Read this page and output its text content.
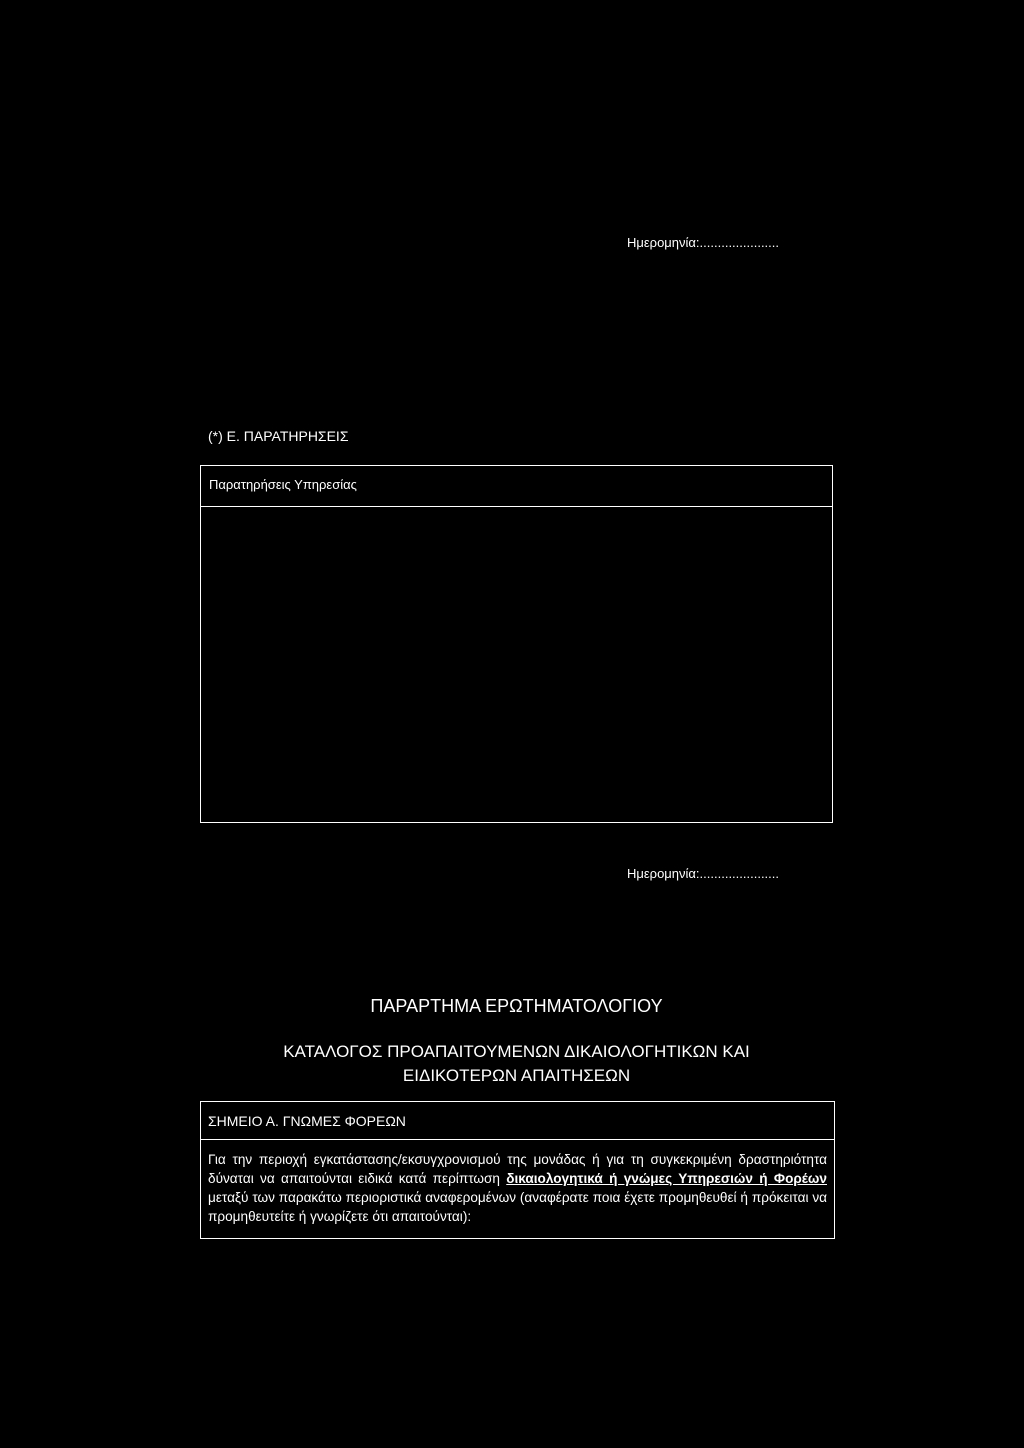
Ημερομηνία:......................
(*) Ε. ΠΑΡΑΤΗΡΗΣΕΙΣ
Παρατηρήσεις Υπηρεσίας
Ημερομηνία:......................
ΠΑΡΑΡΤΗΜΑ ΕΡΩΤΗΜΑΤΟΛΟΓΙΟΥ
ΚΑΤΑΛΟΓΟΣ ΠΡΟΑΠΑΙΤΟΥΜΕΝΩΝ ΔΙΚΑΙΟΛΟΓΗΤΙΚΩΝ ΚΑΙ
ΕΙΔΙΚΟΤΕΡΩΝ ΑΠΑΙΤΗΣΕΩΝ
Για την περιοχή εγκατάστασης/εκσυγχρονισμού της μονάδας ή για τη συγκεκριμένη δραστηριότητα δύναται να απαιτούνται ειδικά κατά περίπτωση δικαιολογητικά ή γνώμες Υπηρεσιών ή Φορέων μεταξύ των παρακάτω περιοριστικά αναφερομένων (αναφέρατε ποια έχετε προμηθευθεί ή πρόκειται να προμηθευτείτε ή γνωρίζετε ότι απαιτούνται):
ΣΗΜΕΙΟ Α. ΓΝΩΜΕΣ ΦΟΡΕΩΝ
